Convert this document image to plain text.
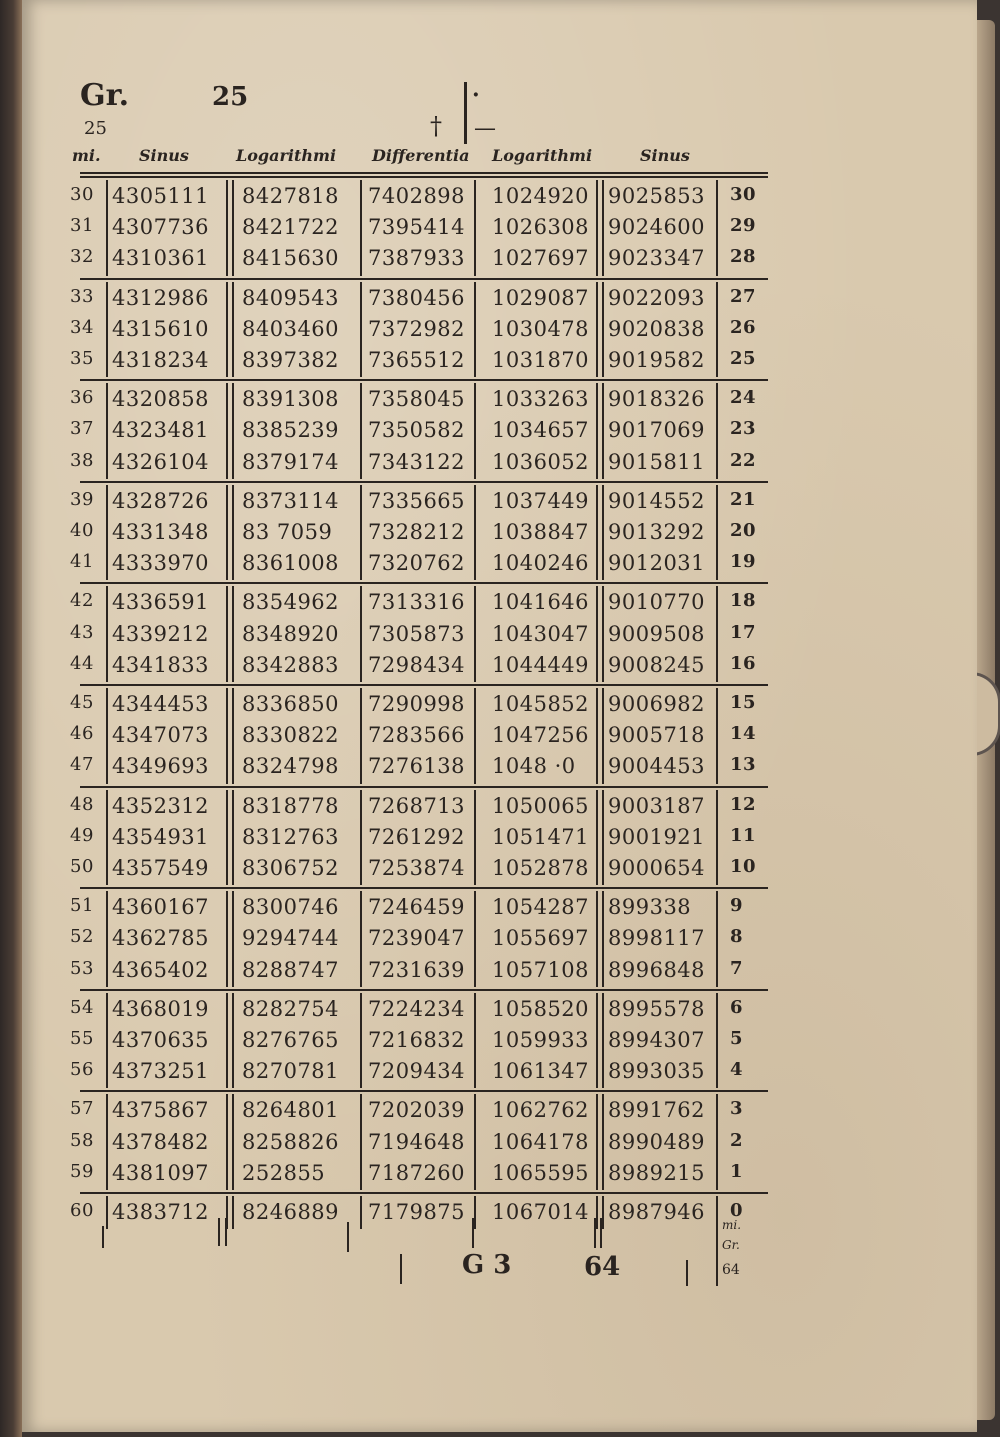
Gr.	25
25	†
·
—
mi. Sinus	Logarithmi Differentia Logarithmi	Sinus
30 4305111 8427818 7402898 1024920 9025853 30
31 4307736 8421722 7395414 1026308 9024600 29
32 4310361 8415630 7387933 1027697 9023347 28
33 4312986 8409543 7380456 1029087 9022093 27
34 4315610 8403460 7372982 1030478 9020838 26
35 4318234 8397382 7365512 1031870 9019582 25
36 4320858 8391308 7358045 1033263 9018326 24
37 4323481 8385239 7350582 1034657 9017069 23
38 4326104 8379174 7343122 1036052 9015811 22
39 4328726 8373114 7335665 1037449 9014552 21
40 4331348 83 7059 7328212 1038847 9013292 20
41 4333970 8361008 7320762 1040246 9012031 19
42 4336591 8354962 7313316 1041646 9010770 18
43 4339212 8348920 7305873 1043047 9009508 17
44 4341833 8342883 7298434 1044449 9008245 16
45 4344453 8336850 7290998 1045852 9006982 15
46 4347073 8330822 7283566 1047256 9005718 14
47 4349693 8324798 7276138 1048 ·0 9004453 13
48 4352312 8318778 7268713 1050065 9003187 12
49 4354931 8312763 7261292 1051471 9001921 11
50 4357549 8306752 7253874 1052878 9000654 10
51 4360167 8300746 7246459 1054287 899338 9
52 4362785 9294744 7239047 1055697 8998117 8
53 4365402 8288747 7231639 1057108 8996848 7
54 4368019 8282754 7224234 1058520 8995578 6
55 4370635 8276765 7216832 1059933 8994307 5
56 4373251 8270781 7209434 1061347 8993035 4
57 4375867 8264801 7202039 1062762 8991762 3
58 4378482 8258826 7194648 1064178 8990489 2
59 4381097 252855 7187260 1065595 8989215 1
60 4383712 8246889 7179875 1067014 8987946 0
G 3	64
mi.
Gr.
64
